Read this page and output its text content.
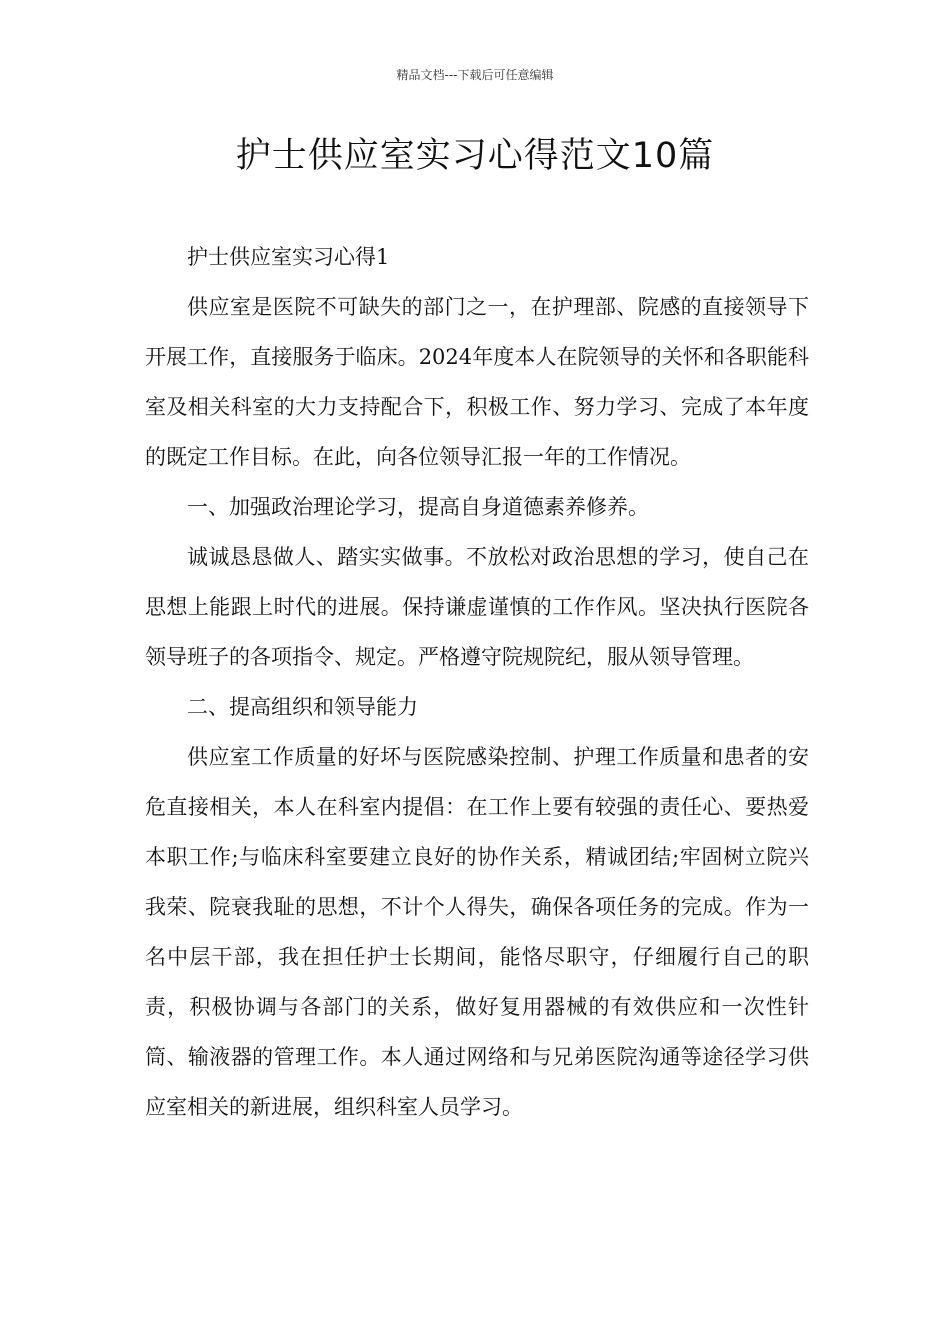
精品文档---下载后可任意编辑
护士供应室实习心得范文10篇

护士供应室实习心得1

供应室是医院不可缺失的部门之一，在护理部、院感的直接领导下开展工作，直接服务于临床。2024年度本人在院领导的关怀和各职能科室及相关科室的大力支持配合下，积极工作、努力学习、完成了本年度的既定工作目标。在此，向各位领导汇报一年的工作情况。

一、加强政治理论学习，提高自身道德素养修养。

诚诚恳恳做人、踏实实做事。不放松对政治思想的学习，使自己在思想上能跟上时代的进展。保持谦虚谨慎的工作作风。坚决执行医院各领导班子的各项指令、规定。严格遵守院规院纪，服从领导管理。

二、提高组织和领导能力

供应室工作质量的好坏与医院感染控制、护理工作质量和患者的安危直接相关，本人在科室内提倡：在工作上要有较强的责任心、要热爱本职工作;与临床科室要建立良好的协作关系，精诚团结;牢固树立院兴我荣、院衰我耻的思想，不计个人得失，确保各项任务的完成。作为一名中层干部，我在担任护士长期间，能恪尽职守，仔细履行自己的职责，积极协调与各部门的关系，做好复用器械的有效供应和一次性针筒、输液器的管理工作。本人通过网络和与兄弟医院沟通等途径学习供应室相关的新进展，组织科室人员学习。
